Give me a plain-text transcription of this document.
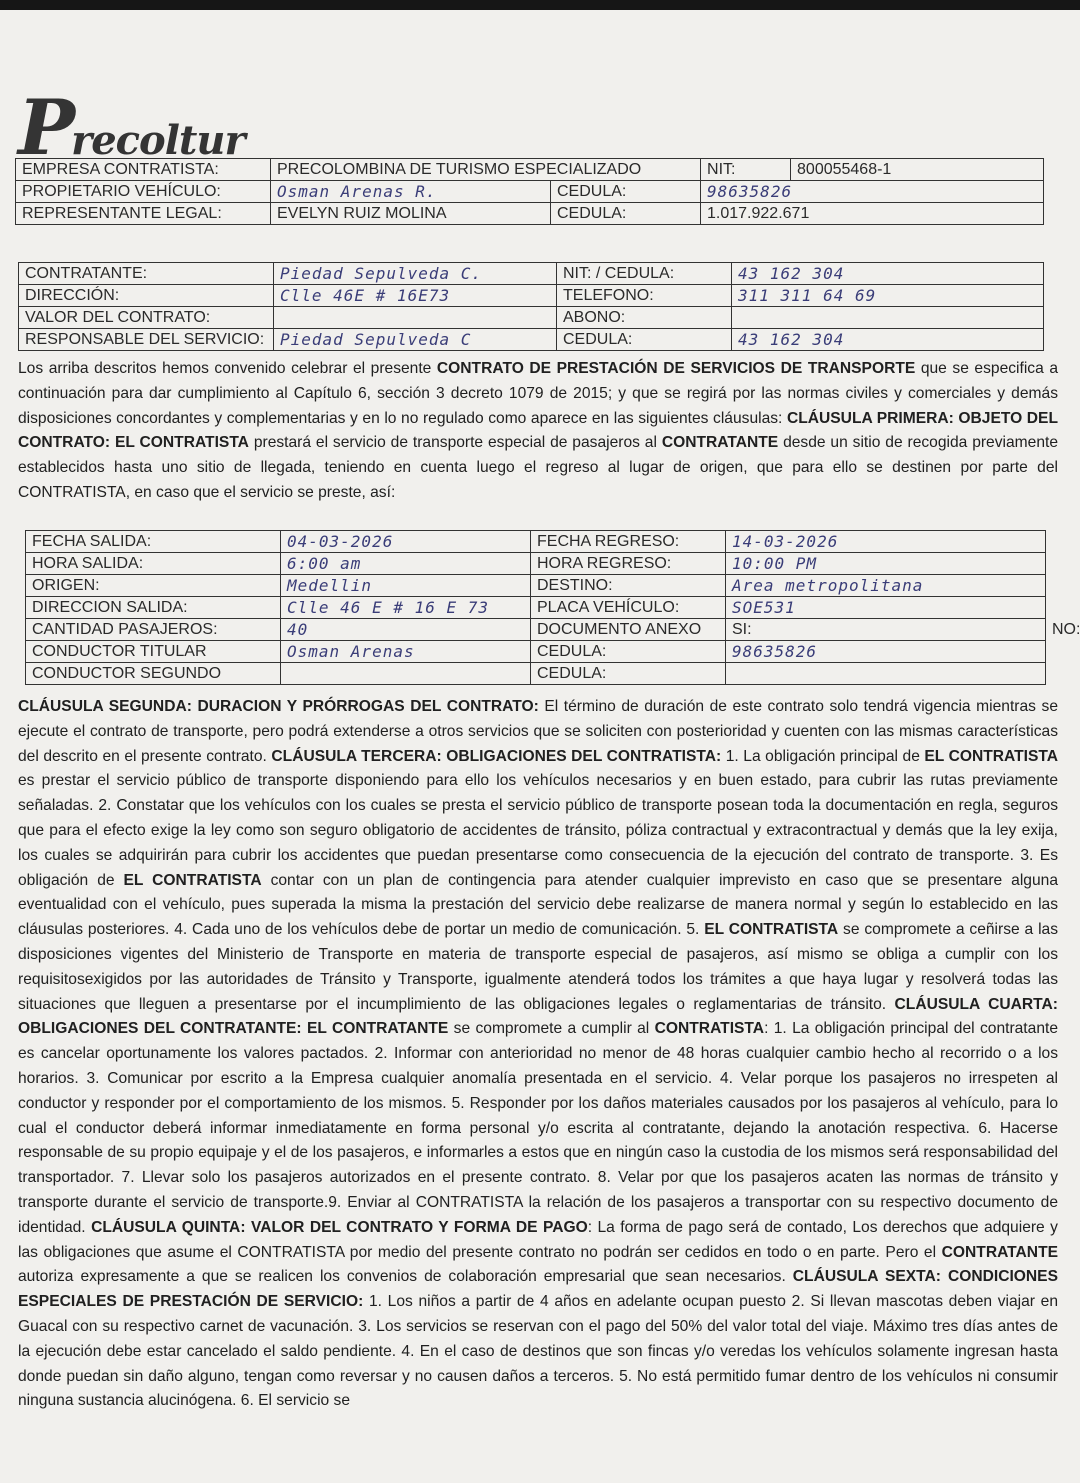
Precoltur
EMPRESA CONTRATISTA:	PRECOLOMBINA DE TURISMO ESPECIALIZADO		NIT:	800055468-1
PROPIETARIO VEHÍCULO:	Osman Arenas R.	CEDULA:	98635826	
REPRESENTANTE LEGAL:	EVELYN RUIZ MOLINA	CEDULA:	1.017.922.671	
CONTRATANTE:	Piedad Sepulveda C.	NIT: / CEDULA:	43 162 304
DIRECCIÓN:	Clle 46E # 16E73	TELEFONO:	311 311 64 69
VALOR DEL CONTRATO:		ABONO:	
RESPONSABLE DEL SERVICIO:	Piedad Sepulveda C	CEDULA:	43 162 304
Los arriba descritos hemos convenido celebrar el presente CONTRATO DE PRESTACIÓN DE SERVICIOS DE TRANSPORTE que se especifica a continuación para dar cumplimiento al Capítulo 6, sección 3 decreto 1079 de 2015; y que se regirá por las normas civiles y comerciales y demás disposiciones concordantes y complementarias y en lo no regulado como aparece en las siguientes cláusulas: CLÁUSULA PRIMERA: OBJETO DEL CONTRATO: EL CONTRATISTA prestará el servicio de transporte especial de pasajeros al CONTRATANTE desde un sitio de recogida previamente establecidos hasta uno sitio de llegada, teniendo en cuenta luego el regreso al lugar de origen, que para ello se destinen por parte del CONTRATISTA, en caso que el servicio se preste, así:
FECHA SALIDA:	04-03-2026	FECHA REGRESO:	14-03-2026
HORA SALIDA:	6:00 am	HORA REGRESO:	10:00 PM
ORIGEN:	Medellin	DESTINO:	Area metropolitana
DIRECCION SALIDA:	Clle 46 E # 16 E 73	PLACA VEHÍCULO:	SOE531
CANTIDAD PASAJEROS:	40	DOCUMENTO ANEXO	SI: NO:
CONDUCTOR TITULAR	Osman Arenas	CEDULA:	98635826
CONDUCTOR SEGUNDO		CEDULA:	
CLÁUSULA SEGUNDA: DURACION Y PRÓRROGAS DEL CONTRATO: El término de duración de este contrato solo tendrá vigencia mientras se ejecute el contrato de transporte, pero podrá extenderse a otros servicios que se soliciten con posterioridad y cuenten con las mismas características del descrito en el presente contrato. CLÁUSULA TERCERA: OBLIGACIONES DEL CONTRATISTA: 1. La obligación principal de EL CONTRATISTA es prestar el servicio público de transporte disponiendo para ello los vehículos necesarios y en buen estado, para cubrir las rutas previamente señaladas. 2. Constatar que los vehículos con los cuales se presta el servicio público de transporte posean toda la documentación en regla, seguros que para el efecto exige la ley como son seguro obligatorio de accidentes de tránsito, póliza contractual y extracontractual y demás que la ley exija, los cuales se adquirirán para cubrir los accidentes que puedan presentarse como consecuencia de la ejecución del contrato de transporte. 3. Es obligación de EL CONTRATISTA contar con un plan de contingencia para atender cualquier imprevisto en caso que se presentare alguna eventualidad con el vehículo, pues superada la misma la prestación del servicio debe realizarse de manera normal y según lo establecido en las cláusulas posteriores. 4. Cada uno de los vehículos debe de portar un medio de comunicación. 5. EL CONTRATISTA se compromete a ceñirse a las disposiciones vigentes del Ministerio de Transporte en materia de transporte especial de pasajeros, así mismo se obliga a cumplir con los requisitosexigidos por las autoridades de Tránsito y Transporte, igualmente atenderá todos los trámites a que haya lugar y resolverá todas las situaciones que lleguen a presentarse por el incumplimiento de las obligaciones legales o reglamentarias de tránsito. CLÁUSULA CUARTA: OBLIGACIONES DEL CONTRATANTE: EL CONTRATANTE se compromete a cumplir al CONTRATISTA: 1. La obligación principal del contratante es cancelar oportunamente los valores pactados. 2. Informar con anterioridad no menor de 48 horas cualquier cambio hecho al recorrido o a los horarios. 3. Comunicar por escrito a la Empresa cualquier anomalía presentada en el servicio. 4. Velar porque los pasajeros no irrespeten al conductor y responder por el comportamiento de los mismos. 5. Responder por los daños materiales causados por los pasajeros al vehículo, para lo cual el conductor deberá informar inmediatamente en forma personal y/o escrita al contratante, dejando la anotación respectiva. 6. Hacerse responsable de su propio equipaje y el de los pasajeros, e informarles a estos que en ningún caso la custodia de los mismos será responsabilidad del transportador. 7. Llevar solo los pasajeros autorizados en el presente contrato. 8. Velar por que los pasajeros acaten las normas de tránsito y transporte durante el servicio de transporte.9. Enviar al CONTRATISTA la relación de los pasajeros a transportar con su respectivo documento de identidad. CLÁUSULA QUINTA: VALOR DEL CONTRATO Y FORMA DE PAGO: La forma de pago será de contado, Los derechos que adquiere y las obligaciones que asume el CONTRATISTA por medio del presente contrato no podrán ser cedidos en todo o en parte. Pero el CONTRATANTE autoriza expresamente a que se realicen los convenios de colaboración empresarial que sean necesarios. CLÁUSULA SEXTA: CONDICIONES ESPECIALES DE PRESTACIÓN DE SERVICIO: 1. Los niños a partir de 4 años en adelante ocupan puesto 2. Si llevan mascotas deben viajar en Guacal con su respectivo carnet de vacunación. 3. Los servicios se reservan con el pago del 50% del valor total del viaje. Máximo tres días antes de la ejecución debe estar cancelado el saldo pendiente. 4. En el caso de destinos que son fincas y/o veredas los vehículos solamente ingresan hasta donde puedan sin daño alguno, tengan como reversar y no causen daños a terceros. 5. No está permitido fumar dentro de los vehículos ni consumir ninguna sustancia alucinógena. 6. El servicio se
